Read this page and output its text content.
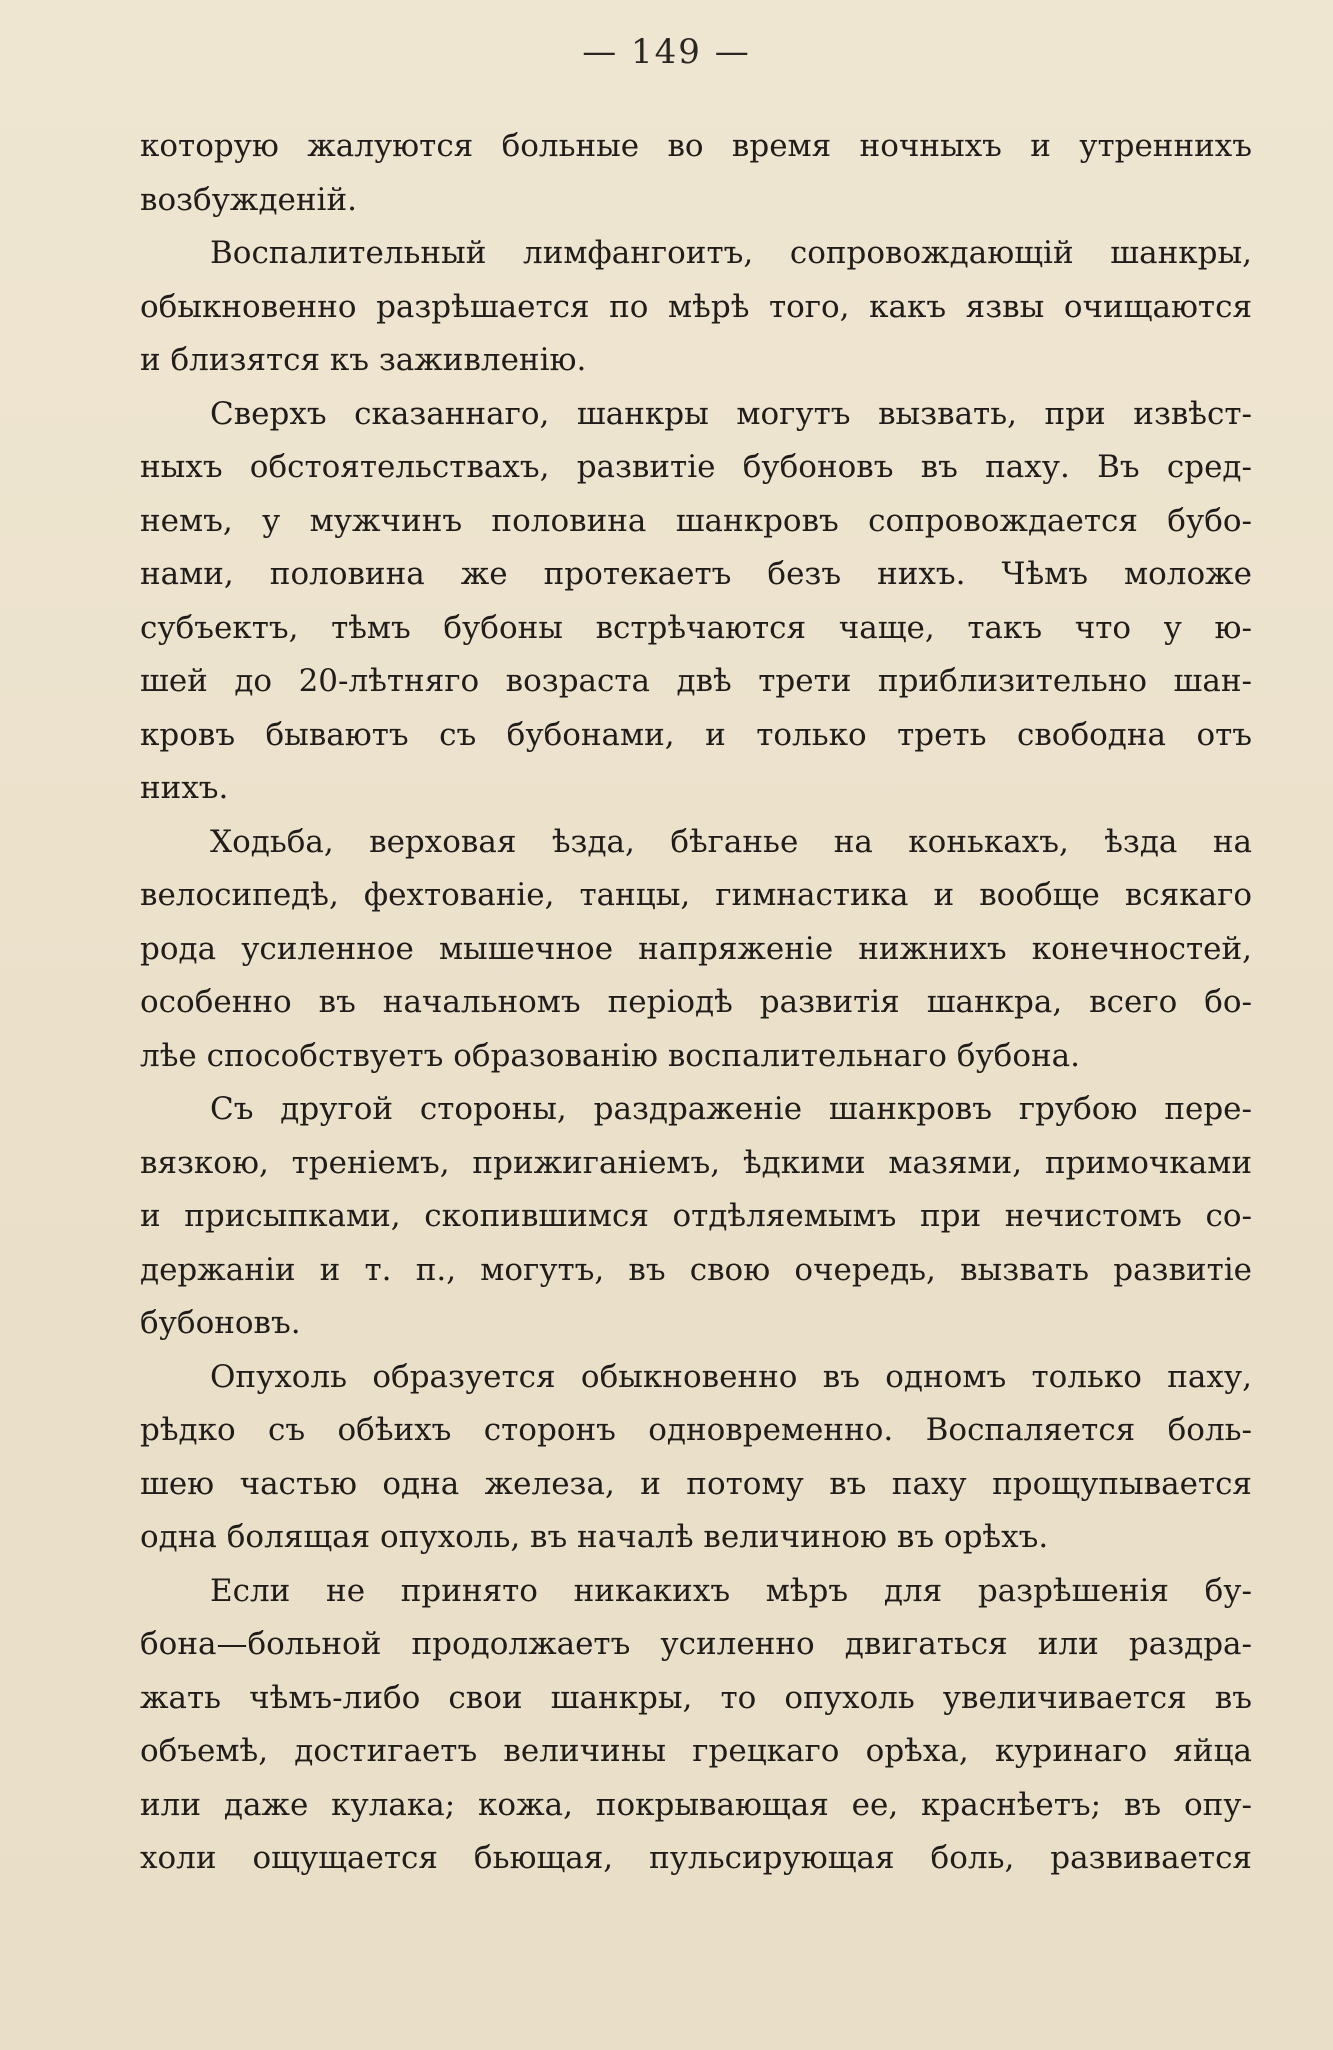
— 149 —
которую жалуются больные во время ночныхъ и утреннихъ
возбужденій.
Воспалительный лимфангоитъ, сопровождающій шанкры,
обыкновенно разрѣшается по мѣрѣ того, какъ язвы очищаются
и близятся къ заживленію.
Сверхъ сказаннаго, шанкры могутъ вызвать, при извѣст-
ныхъ обстоятельствахъ, развитіе бубоновъ въ паху. Въ сред-
немъ, у мужчинъ половина шанкровъ сопровождается бубо-
нами, половина же протекаетъ безъ нихъ. Чѣмъ моложе
субъектъ, тѣмъ бубоны встрѣчаются чаще, такъ что у ю-
шей до 20-лѣтняго возраста двѣ трети приблизительно шан-
кровъ бываютъ съ бубонами, и только треть свободна отъ
нихъ.
Ходьба, верховая ѣзда, бѣганье на конькахъ, ѣзда на
велосипедѣ, фехтованіе, танцы, гимнастика и вообще всякаго
рода усиленное мышечное напряженіе нижнихъ конечностей,
особенно въ начальномъ періодѣ развитія шанкра, всего бо-
лѣе способствуетъ образованію воспалительнаго бубона.
Съ другой стороны, раздраженіе шанкровъ грубою пере-
вязкою, треніемъ, прижиганіемъ, ѣдкими мазями, примочками
и присыпками, скопившимся отдѣляемымъ при нечистомъ со-
держаніи и т. п., могутъ, въ свою очередь, вызвать развитіе
бубоновъ.
Опухоль образуется обыкновенно въ одномъ только паху,
рѣдко съ обѣихъ сторонъ одновременно. Воспаляется боль-
шею частью одна железа, и потому въ паху прощупывается
одна болящая опухоль, въ началѣ величиною въ орѣхъ.
Если не принято никакихъ мѣръ для разрѣшенія бу-
бона—больной продолжаетъ усиленно двигаться или раздра-
жать чѣмъ-либо свои шанкры, то опухоль увеличивается въ
объемѣ, достигаетъ величины грецкаго орѣха, куринаго яйца
или даже кулака; кожа, покрывающая ее, краснѣетъ; въ опу-
холи ощущается бьющая, пульсирующая боль, развивается
